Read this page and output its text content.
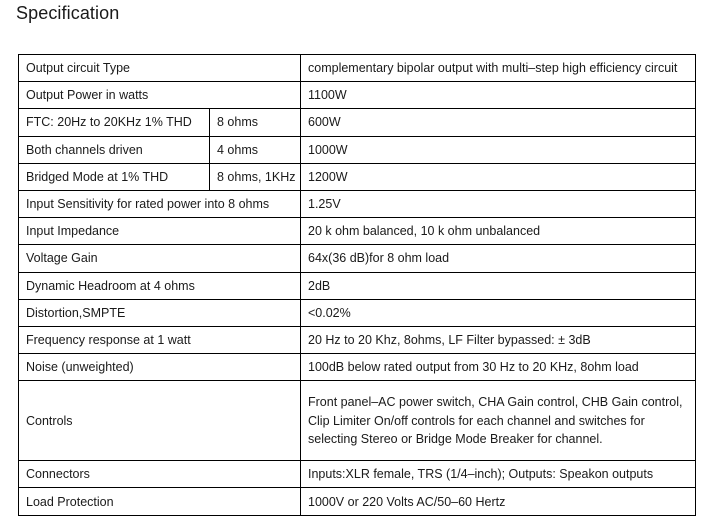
Specification
Output circuit Type		complementary bipolar output with multi–step high efficiency circuit
Output Power in watts		1100W
FTC: 20Hz to 20KHz 1% THD	8 ohms	600W
Both channels driven	4 ohms	1000W
Bridged Mode at 1% THD	8 ohms, 1KHz	1200W
Input Sensitivity for rated power into 8 ohms		1.25V
Input Impedance		20 k ohm balanced, 10 k ohm unbalanced
Voltage Gain		64x(36 dB)for 8 ohm load
Dynamic Headroom at 4 ohms		2dB
Distortion,SMPTE		<0.02%
Frequency response at 1 watt		20 Hz to 20 Khz, 8ohms, LF Filter bypassed: ± 3dB
Noise (unweighted)		100dB below rated output from 30 Hz to 20 KHz, 8ohm load
Controls		Front panel–AC power switch, CHA Gain control, CHB Gain control, Clip Limiter On/off controls for each channel and switches for selecting Stereo or Bridge Mode Breaker for channel.
Connectors		Inputs:XLR female, TRS (1/4–inch); Outputs: Speakon outputs
Load Protection		1000V or 220 Volts AC/50–60 Hertz
